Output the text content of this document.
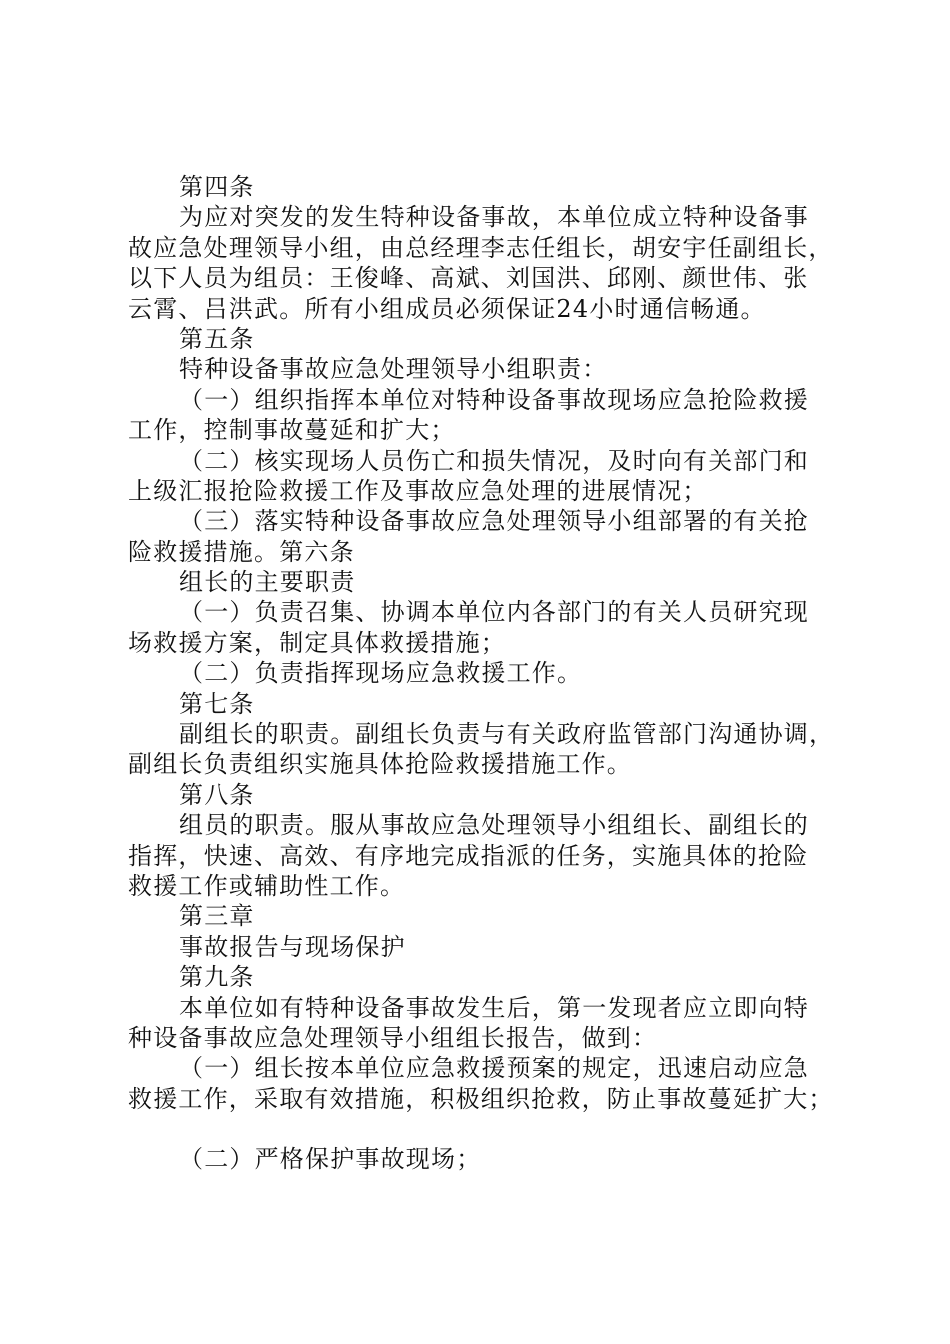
第四条
为应对突发的发生特种设备事故，本单位成立特种设备事
故应急处理领导小组，由总经理李志任组长，胡安宇任副组长，
以下人员为组员：王俊峰、高斌、刘国洪、邱刚、颜世伟、张
云霄、吕洪武。所有小组成员必须保证24小时通信畅通。
第五条
特种设备事故应急处理领导小组职责：
（一）组织指挥本单位对特种设备事故现场应急抢险救援
工作，控制事故蔓延和扩大；
（二）核实现场人员伤亡和损失情况，及时向有关部门和
上级汇报抢险救援工作及事故应急处理的进展情况；
（三）落实特种设备事故应急处理领导小组部署的有关抢
险救援措施。第六条
组长的主要职责
（一）负责召集、协调本单位内各部门的有关人员研究现
场救援方案，制定具体救援措施；
（二）负责指挥现场应急救援工作。
第七条
副组长的职责。副组长负责与有关政府监管部门沟通协调，
副组长负责组织实施具体抢险救援措施工作。
第八条
组员的职责。服从事故应急处理领导小组组长、副组长的
指挥，快速、高效、有序地完成指派的任务，实施具体的抢险
救援工作或辅助性工作。
第三章
事故报告与现场保护
第九条
本单位如有特种设备事故发生后，第一发现者应立即向特
种设备事故应急处理领导小组组长报告，做到：
（一）组长按本单位应急救援预案的规定，迅速启动应急
救援工作，采取有效措施，积极组织抢救，防止事故蔓延扩大；
（二）严格保护事故现场；
